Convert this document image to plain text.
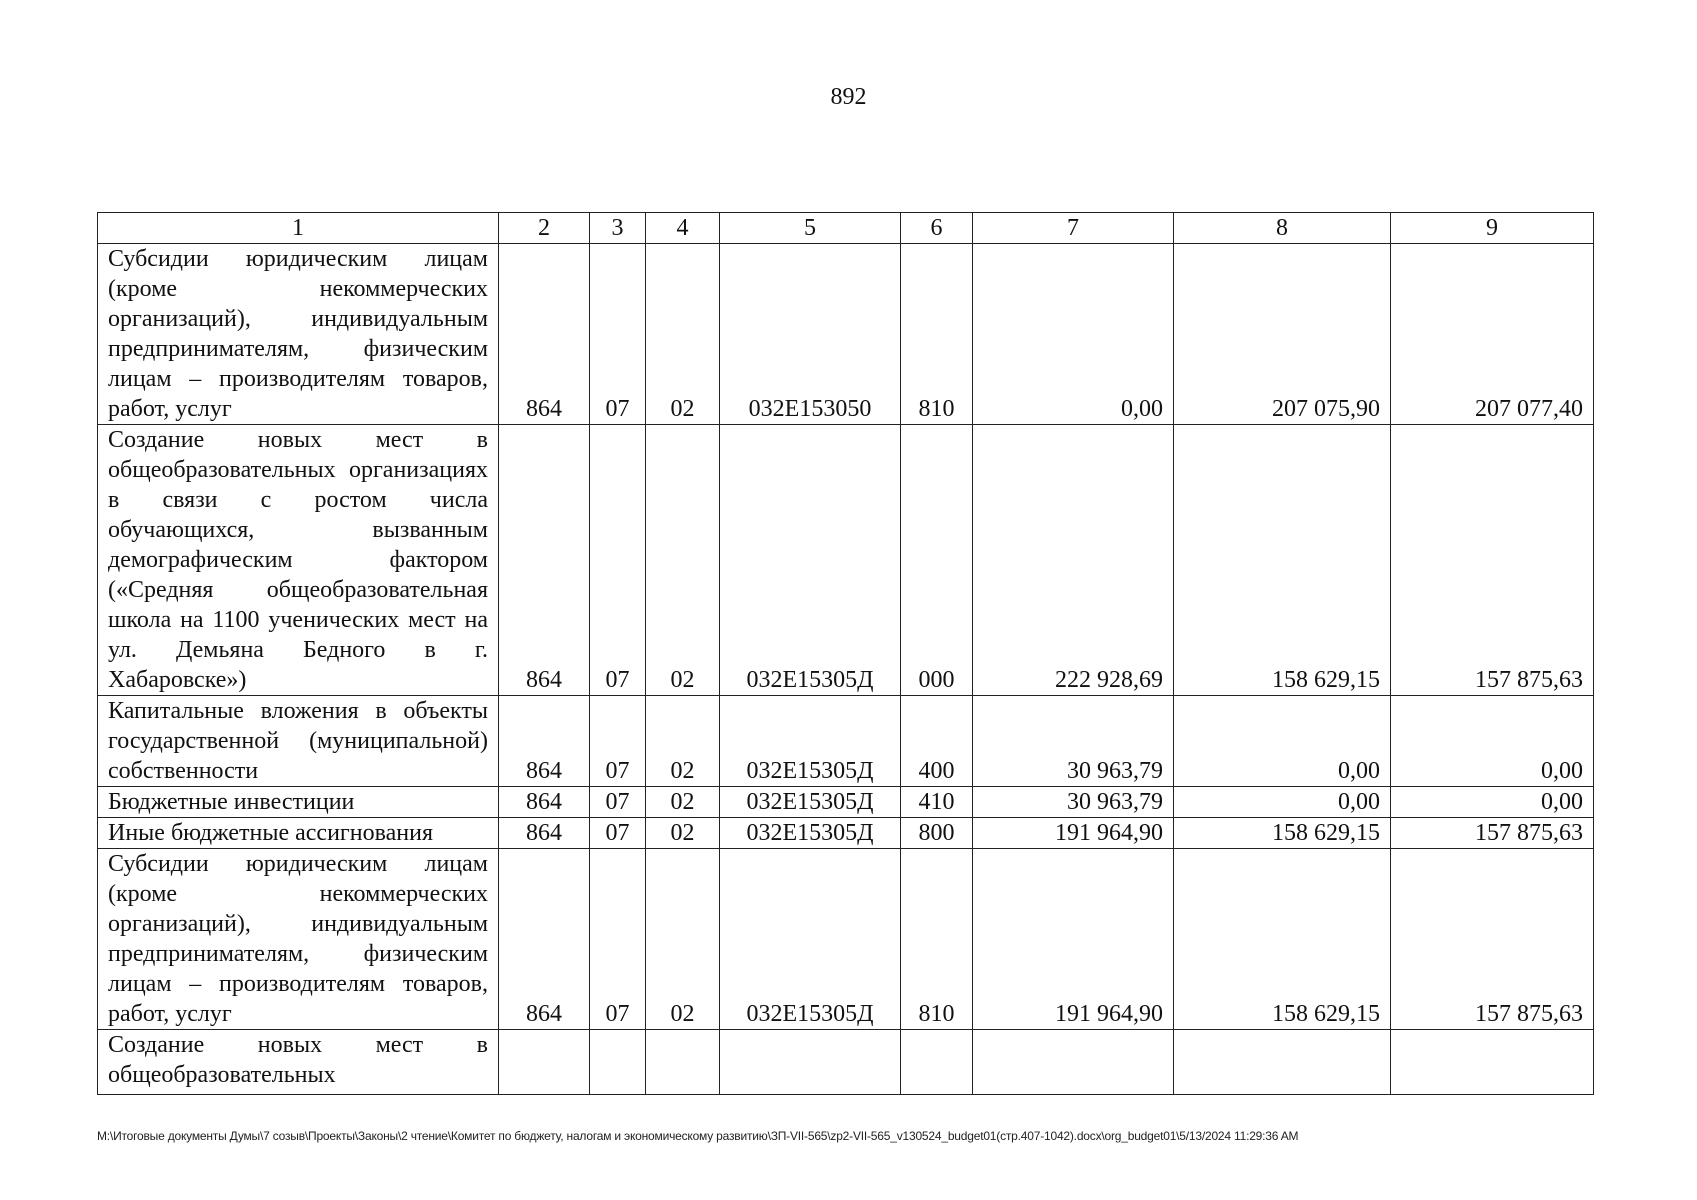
892
1	2	3	4	5	6	7	8	9
Субсидии юридическим лицам (кроме некоммерческих организаций), индивидуальным предпринимателям, физическим лицам – производителям товаров, работ, услуг	864	07	02	032E153050	810	0,00	207 075,90	207 077,40
Создание новых мест в общеобразовательных организациях в связи с ростом числа обучающихся, вызванным демографическим фактором («Средняя общеобразовательная школа на 1100 ученических мест на ул. Демьяна Бедного в г. Хабаровске»)	864	07	02	032E15305Д	000	222 928,69	158 629,15	157 875,63
Капитальные вложения в объекты государственной (муниципальной) собственности	864	07	02	032E15305Д	400	30 963,79	0,00	0,00
Бюджетные инвестиции	864	07	02	032E15305Д	410	30 963,79	0,00	0,00
Иные бюджетные ассигнования	864	07	02	032E15305Д	800	191 964,90	158 629,15	157 875,63
Субсидии юридическим лицам (кроме некоммерческих организаций), индивидуальным предпринимателям, физическим лицам – производителям товаров, работ, услуг	864	07	02	032E15305Д	810	191 964,90	158 629,15	157 875,63
Создание новых мест в общеобразовательных								
M:\Итоговые документы Думы\7 созыв\Проекты\Законы\2 чтение\Комитет по бюджету, налогам и экономическому развитию\ЗП-VII-565\zp2-VII-565_v130524_budget01(стр.407-1042).docx\org_budget01\5/13/2024 11:29:36 AM
